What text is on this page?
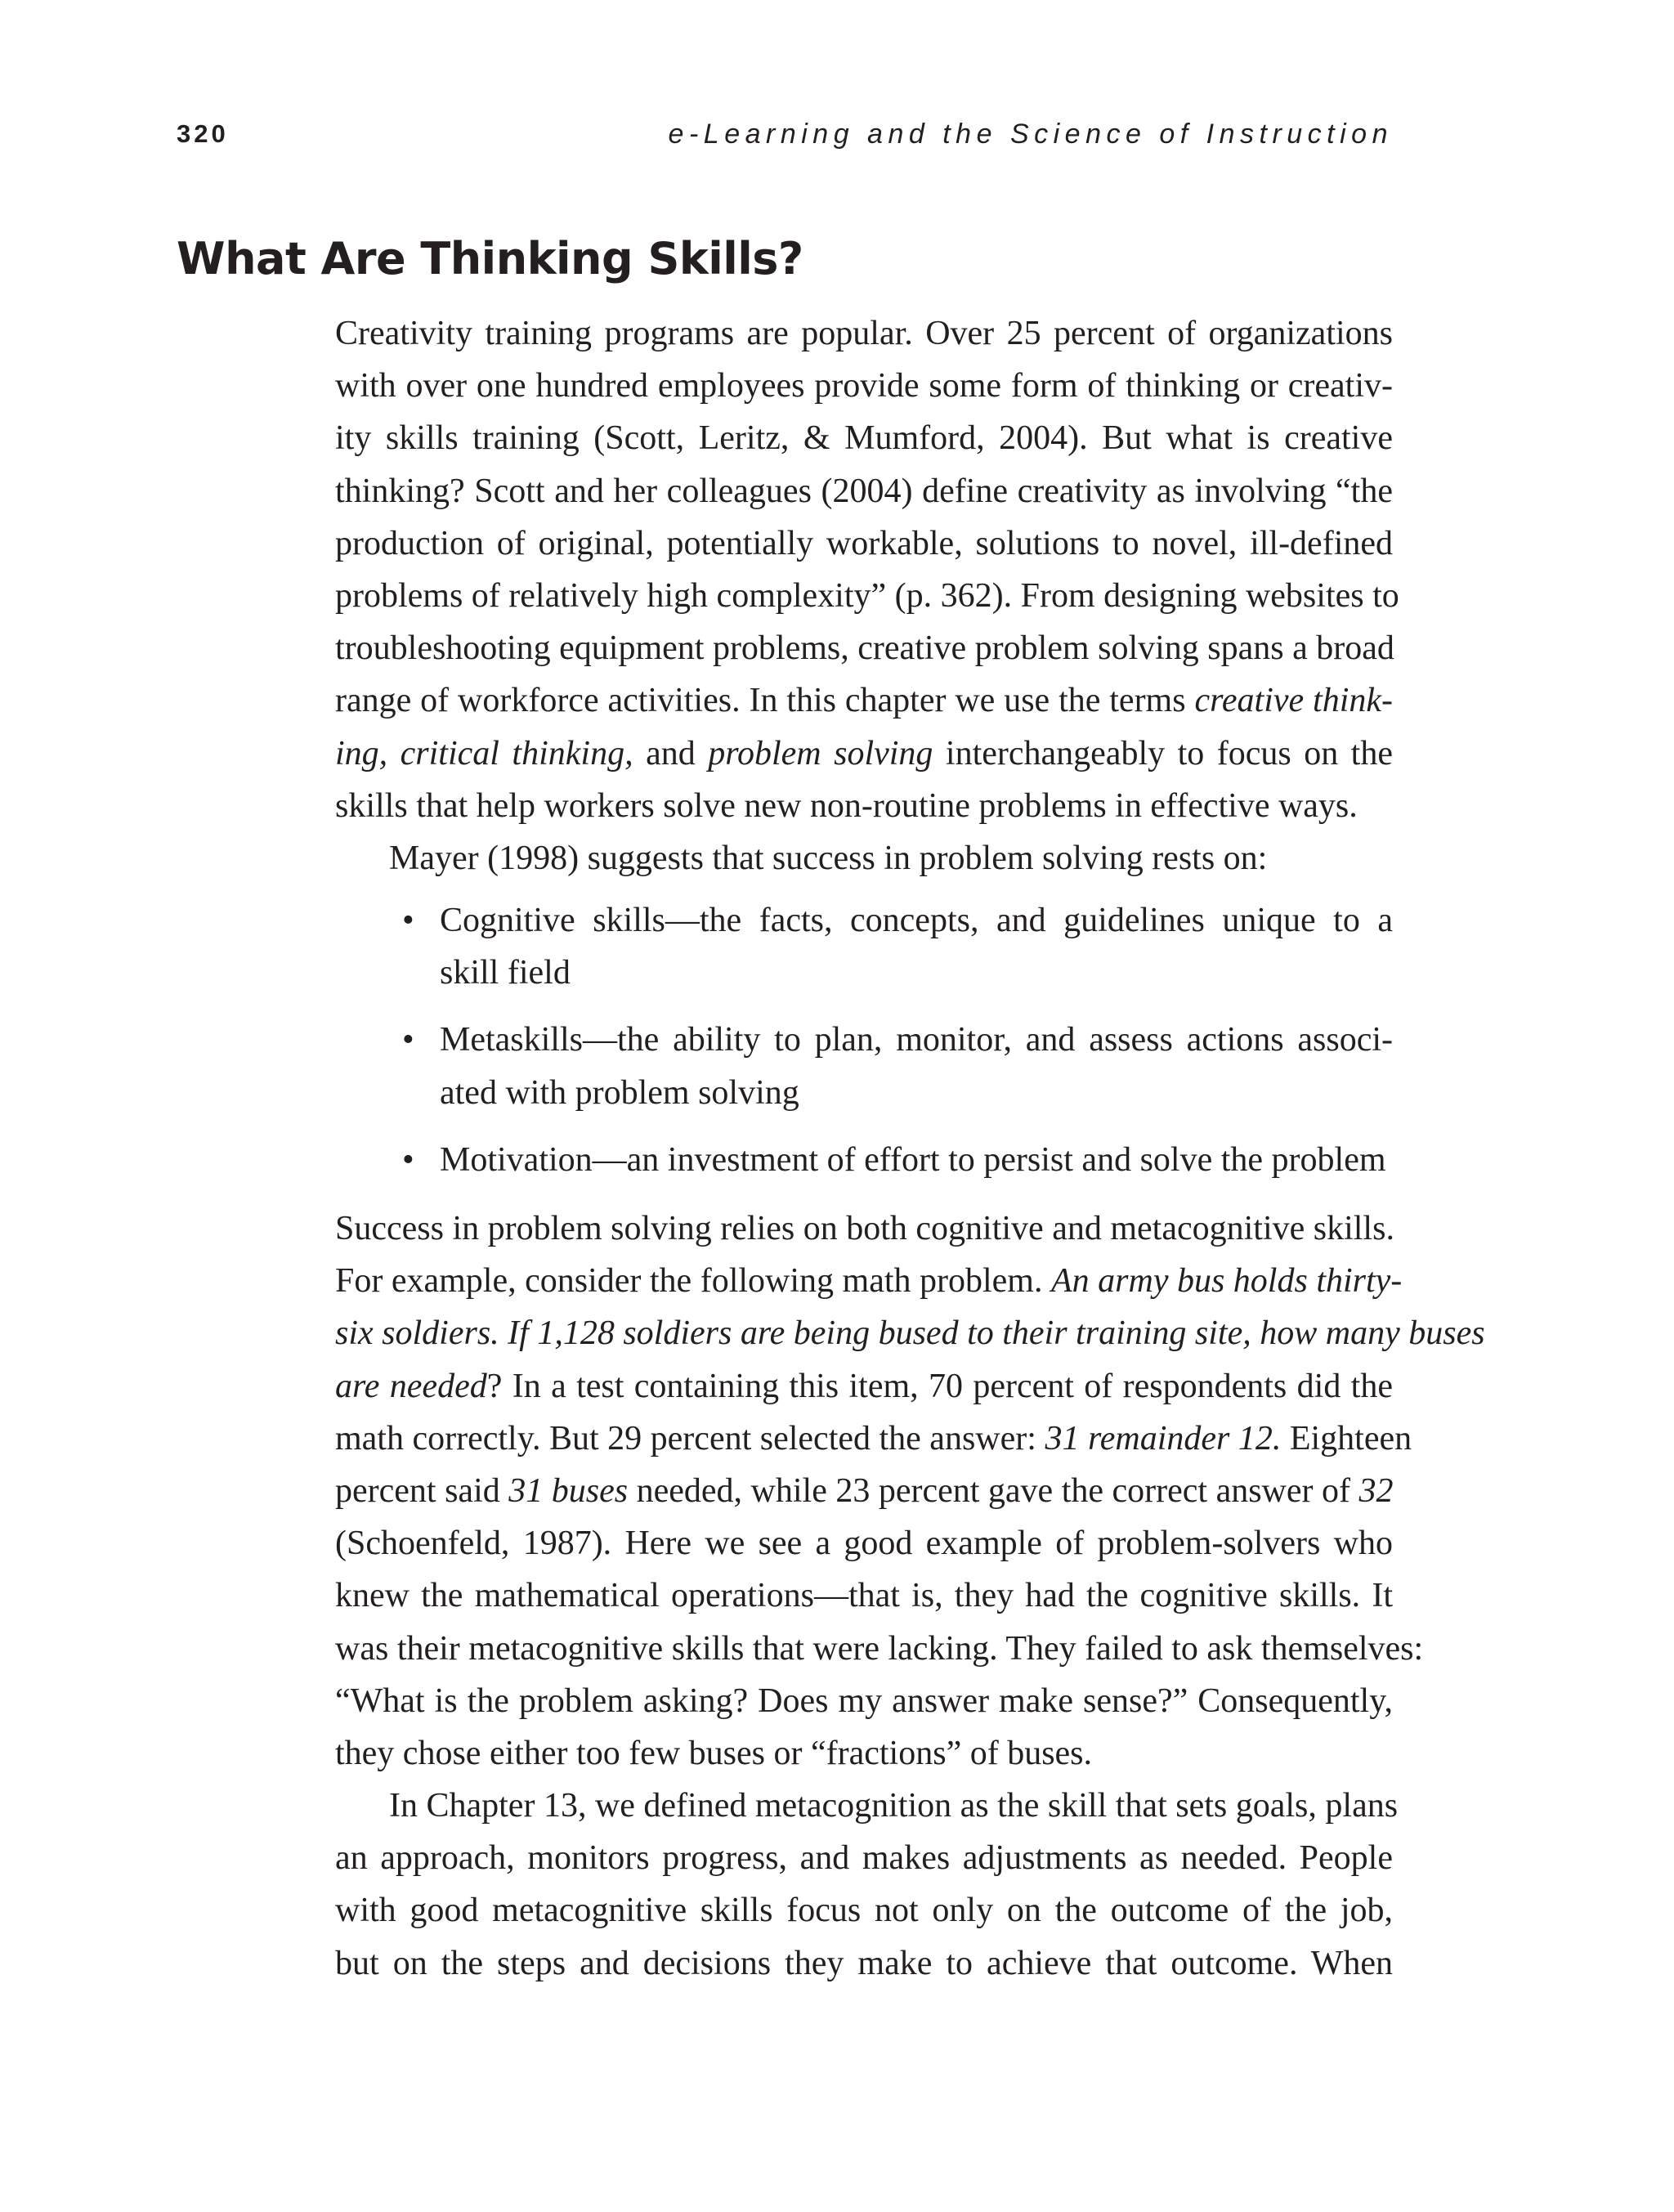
320	e-Learning and the Science of Instruction
What Are Thinking Skills?
Creativity training programs are popular. Over 25 percent of organizations
with over one hundred employees provide some form of thinking or creativ-
ity skills training (Scott, Leritz, & Mumford, 2004). But what is creative
thinking? Scott and her colleagues (2004) define creativity as involving “the
production of original, potentially workable, solutions to novel, ill-defined
problems of relatively high complexity” (p. 362). From designing websites to
troubleshooting equipment problems, creative problem solving spans a broad
range of workforce activities. In this chapter we use the terms creative think-
ing, critical thinking, and problem solving interchangeably to focus on the
skills that help workers solve new non-routine problems in effective ways.
Mayer (1998) suggests that success in problem solving rests on:
• Cognitive skills—the facts, concepts, and guidelines unique to a
skill field
• Metaskills—the ability to plan, monitor, and assess actions associ-
ated with problem solving
• Motivation—an investment of effort to persist and solve the problem
Success in problem solving relies on both cognitive and metacognitive skills.
For example, consider the following math problem. An army bus holds thirty-
six soldiers. If 1,128 soldiers are being bused to their training site, how many buses
are needed? In a test containing this item, 70 percent of respondents did the
math correctly. But 29 percent selected the answer: 31 remainder 12. Eighteen
percent said 31 buses needed, while 23 percent gave the correct answer of 32
(Schoenfeld, 1987). Here we see a good example of problem-solvers who
knew the mathematical operations—that is, they had the cognitive skills. It
was their metacognitive skills that were lacking. They failed to ask themselves:
“What is the problem asking? Does my answer make sense?” Consequently,
they chose either too few buses or “fractions” of buses.
In Chapter 13, we defined metacognition as the skill that sets goals, plans
an approach, monitors progress, and makes adjustments as needed. People
with good metacognitive skills focus not only on the outcome of the job,
but on the steps and decisions they make to achieve that outcome. When
